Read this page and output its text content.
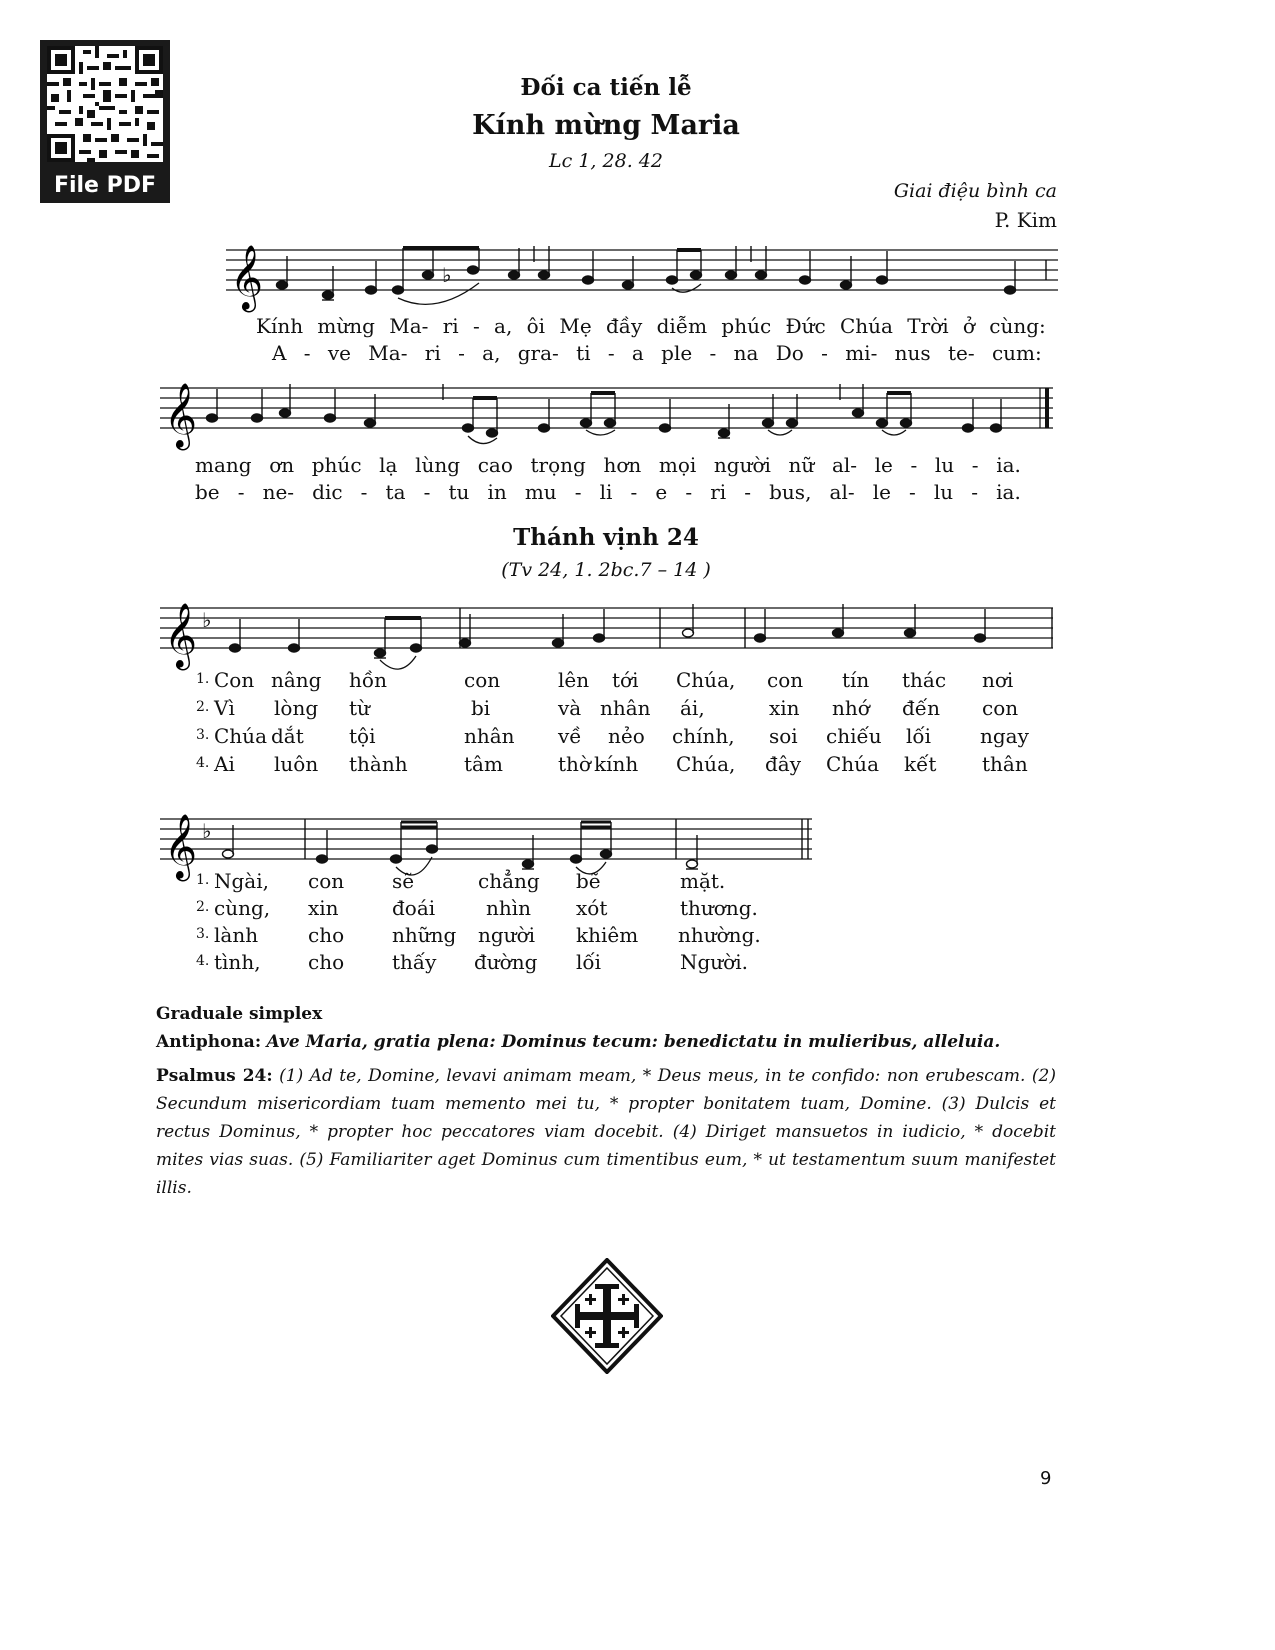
File PDF
Đối ca tiến lễ
Kính mừng Maria
Lc 1, 28. 42
Giai điệu bình ca
P. Kim
𝄞	♭
Kính mừng Ma- ri - a, ôi Mẹ đầy diễm phúc Đức Chúa Trời ở cùng:
A - ve Ma- ri - a, gra- ti - a ple - na Do - mi- nus te- cum:
𝄞
mang ơn phúc lạ lùng cao trọng hơn mọi người nữ al- le - lu - ia.
be - ne- dic - ta - tu in mu - li - e - ri - bus, al- le - lu - ia.
Thánh vịnh 24
(Tv 24, 1. 2bc.7 – 14 )
𝄞 ♭
1. Con nâng hồn	con	lên tới Chúa, con tín thác nơi
2. Vì lòng từ	bi	và nhân ái,	xin nhớ đến con
3. Chúa dắt tội	nhân về nẻo chính, soi chiếu lối ngay
4. Ai luôn thành	tâm	thờ kính Chúa, đây Chúa kết thân
𝄞 ♭
1. Ngài, con sẽ	chẳng bẽ	mặt.
2. cùng, xin	đoái	nhìn xót	thương.
3. lành cho những người khiêm nhường.
4. tình, cho thấy đường lối	Người.
Graduale simplex
Antiphona: Ave Maria, gratia plena: Dominus tecum: benedictatu in mulieribus, alleluia.
Psalmus 24: (1) Ad te, Domine, levavi animam meam, * Deus meus, in te confido: non erubescam. (2) Secundum misericordiam tuam memento mei tu, * propter bonitatem tuam, Domine. (3) Dulcis et rectus Dominus, * propter hoc peccatores viam docebit. (4) Diriget mansuetos in iudicio, * docebit mites vias suas. (5) Familiariter aget Dominus cum timentibus eum, * ut testamentum suum manifestet illis.
9
